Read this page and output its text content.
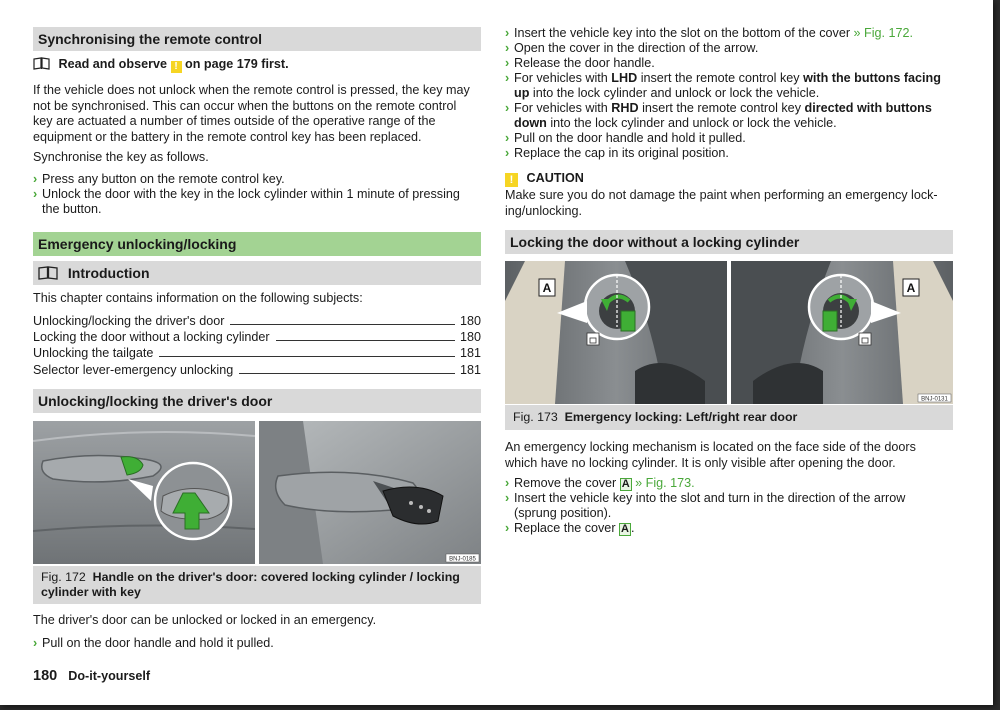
Synchronising the remote control
Read and observe ! on page 179 first.
If the vehicle does not unlock when the remote control is pressed, the key may
not be synchronised. This can occur when the buttons on the remote control
key are actuated a number of times outside of the operative range of the
equipment or the battery in the remote control key has been replaced.
Synchronise the key as follows.
› Press any button on the remote control key.
› Unlock the door with the key in the lock cylinder within 1 minute of pressing
the button.
Emergency unlocking/locking
Introduction
This chapter contains information on the following subjects:
Unlocking/locking the driver's door	180
Locking the door without a locking cylinder	180
Unlocking the tailgate	181
Selector lever-emergency unlocking	181
Unlocking/locking the driver's door
BNJ-0185
Fig. 172 Handle on the driver's door: covered locking cylinder / locking
cylinder with key
The driver's door can be unlocked or locked in an emergency.
› Pull on the door handle and hold it pulled.
180 Do-it-yourself
› Insert the vehicle key into the slot on the bottom of the cover » Fig. 172.
› Open the cover in the direction of the arrow.
› Release the door handle.
› For vehicles with LHD insert the remote control key with the buttons facing
up into the lock cylinder and unlock or lock the vehicle.
› For vehicles with RHD insert the remote control key directed with buttons
down into the lock cylinder and unlock or lock the vehicle.
› Pull on the door handle and hold it pulled.
› Replace the cap in its original position.
! CAUTION
Make sure you do not damage the paint when performing an emergency lock-
ing/unlocking.
Locking the door without a locking cylinder
A	A
BNJ-0131
Fig. 173 Emergency locking: Left/right rear door
An emergency locking mechanism is located on the face side of the doors
which have no locking cylinder. It is only visible after opening the door.
› Remove the cover A » Fig. 173.
› Insert the vehicle key into the slot and turn in the direction of the arrow
(sprung position).
› Replace the cover A .
